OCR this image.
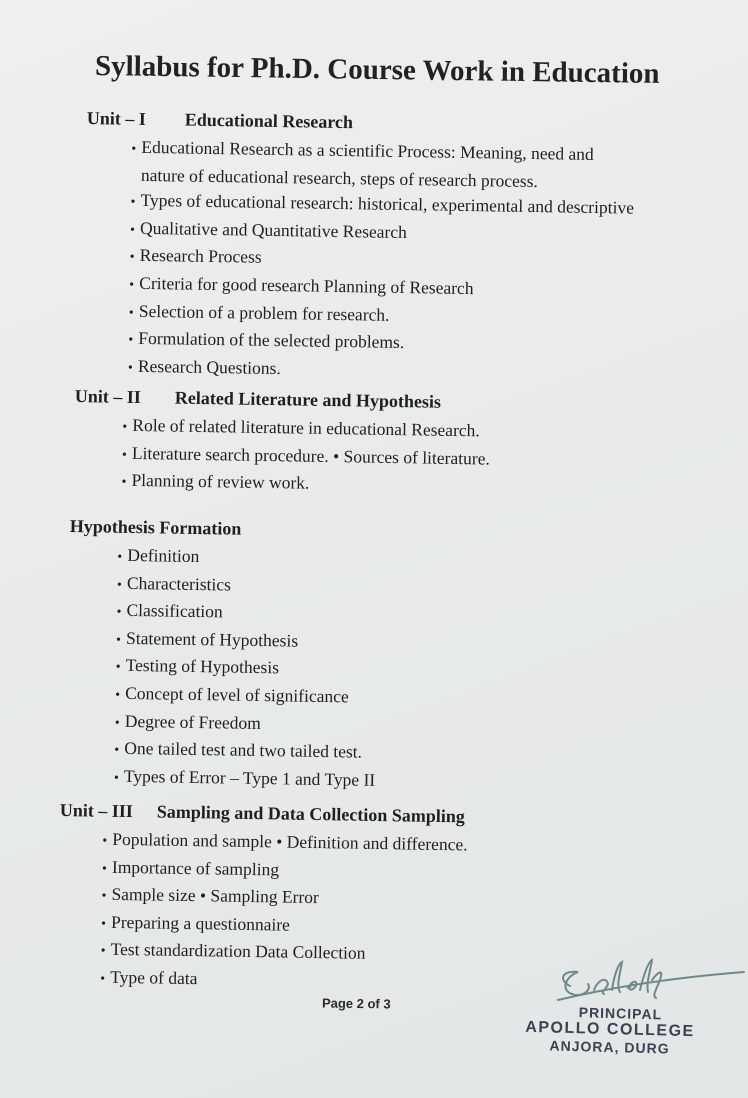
Syllabus for Ph.D. Course Work in Education
Unit – I Educational Research
• Educational Research as a scientific Process: Meaning, need and
nature of educational research, steps of research process.
• Types of educational research: historical, experimental and descriptive
• Qualitative and Quantitative Research
• Research Process
• Criteria for good research Planning of Research
• Selection of a problem for research.
• Formulation of the selected problems.
• Research Questions.
Unit – II Related Literature and Hypothesis
• Role of related literature in educational Research.
• Literature search procedure. • Sources of literature.
• Planning of review work.
Hypothesis Formation
• Definition
• Characteristics
• Classification
• Statement of Hypothesis
• Testing of Hypothesis
• Concept of level of significance
• Degree of Freedom
• One tailed test and two tailed test.
• Types of Error – Type 1 and Type II
Unit – III Sampling and Data Collection Sampling
• Population and sample • Definition and difference.
• Importance of sampling
• Sample size • Sampling Error
• Preparing a questionnaire
• Test standardization Data Collection
• Type of data
Page 2 of 3
PRINCIPAL
APOLLO COLLEGE
ANJORA, DURG
